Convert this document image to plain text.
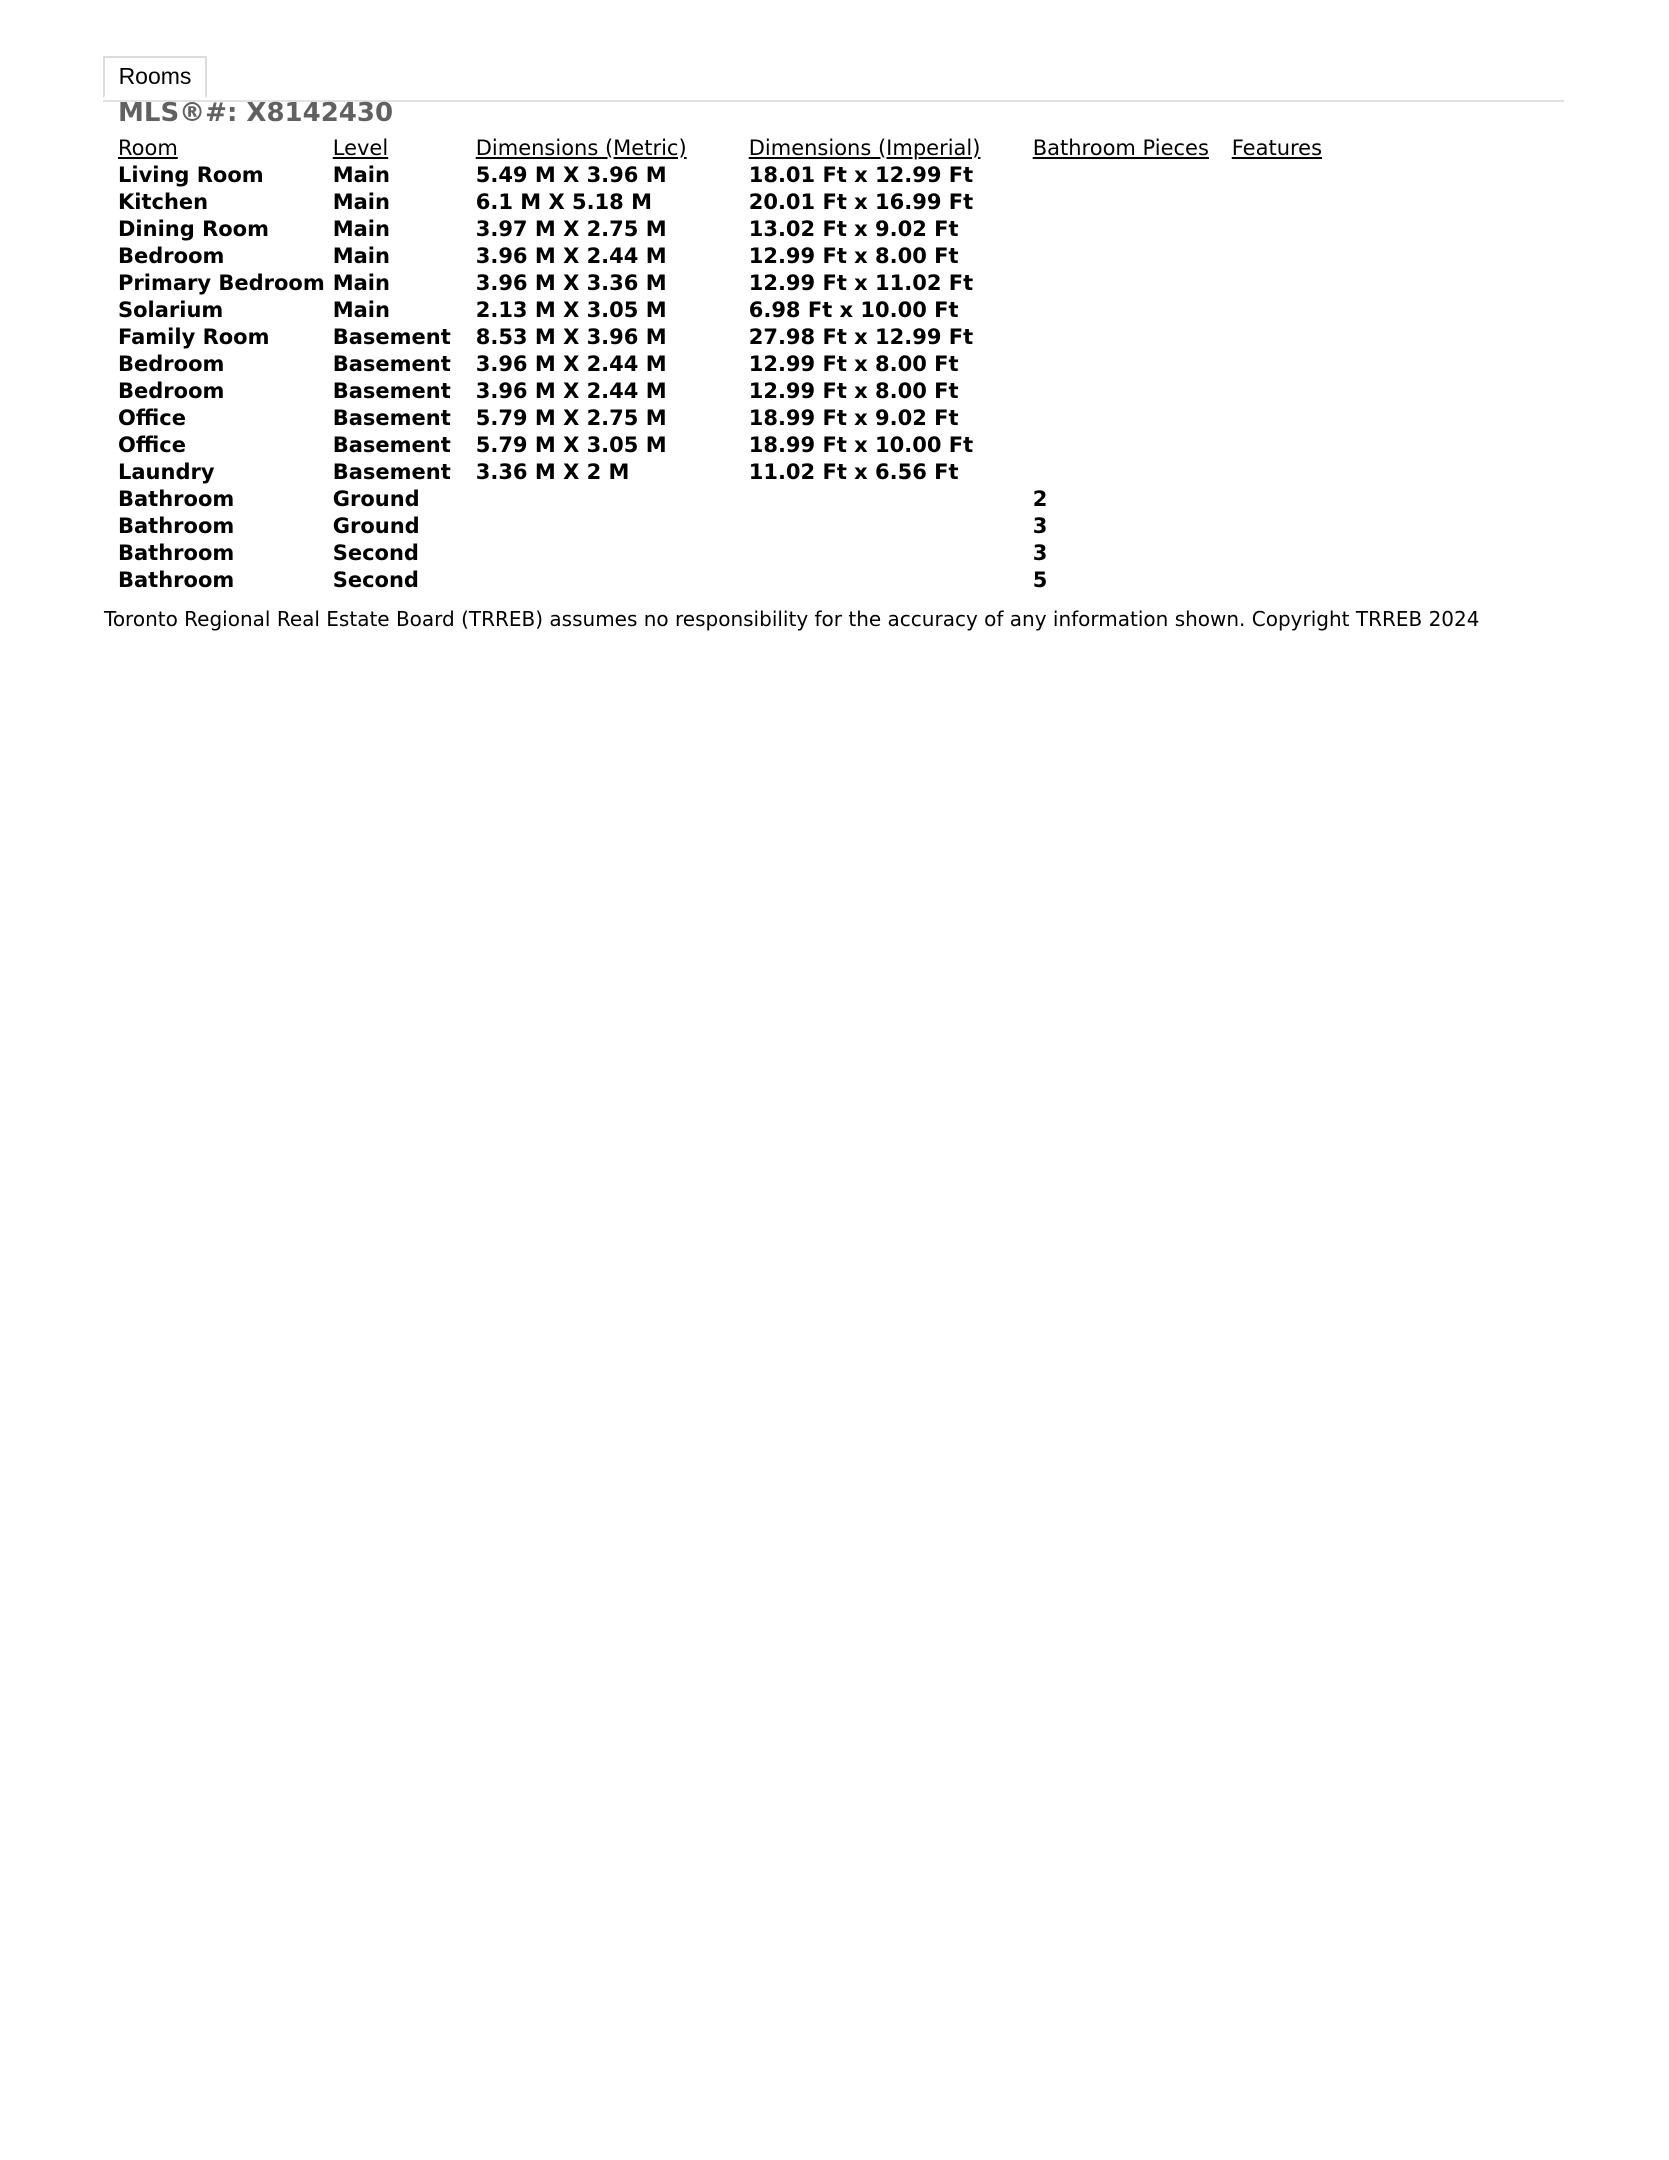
Rooms
MLS®#: X8142430
Room	Level	Dimensions (Metric)	Dimensions (Imperial)	Bathroom Pieces	Features
Living Room	Main	5.49 M X 3.96 M	18.01 Ft x 12.99 Ft		
Kitchen	Main	6.1 M X 5.18 M	20.01 Ft x 16.99 Ft		
Dining Room	Main	3.97 M X 2.75 M	13.02 Ft x 9.02 Ft		
Bedroom	Main	3.96 M X 2.44 M	12.99 Ft x 8.00 Ft		
Primary Bedroom	Main	3.96 M X 3.36 M	12.99 Ft x 11.02 Ft		
Solarium	Main	2.13 M X 3.05 M	6.98 Ft x 10.00 Ft		
Family Room	Basement	8.53 M X 3.96 M	27.98 Ft x 12.99 Ft		
Bedroom	Basement	3.96 M X 2.44 M	12.99 Ft x 8.00 Ft		
Bedroom	Basement	3.96 M X 2.44 M	12.99 Ft x 8.00 Ft		
Office	Basement	5.79 M X 2.75 M	18.99 Ft x 9.02 Ft		
Office	Basement	5.79 M X 3.05 M	18.99 Ft x 10.00 Ft		
Laundry	Basement	3.36 M X 2 M	11.02 Ft x 6.56 Ft		
Bathroom	Ground			2	
Bathroom	Ground			3	
Bathroom	Second			3	
Bathroom	Second			5	
Toronto Regional Real Estate Board (TRREB) assumes no responsibility for the accuracy of any information shown. Copyright TRREB 2024
